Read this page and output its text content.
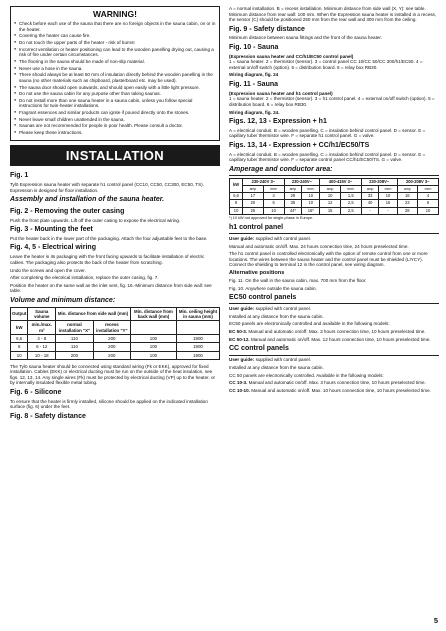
WARNING!
● Check before each use of the sauna that there are no foreign objects in the sauna cabin, on or in the heater.
● Covering the heater can cause fire.
● Do not touch the upper parts of the heater - risk of burns!
● Incorrect ventilation or heater positioning can lead to the wooden panelling drying out, causing a risk of fire under certain circumstances.
● The flooring in the sauna should be made of non-slip material.
● Never use a hose in the sauna.
● There should always be at least 50 mm of insulation directly behind the wooden panelling in the sauna (no other materials such as chipboard, plasterboard etc. may be used).
● The sauna door should open outwards, and should open easily with a little light pressure.
● Do not use the sauna cabin for any purpose other than taking saunas.
● Do not install more than one sauna heater in a sauna cabin, unless you follow special instructions for twin-heater installations.
● Fragrant essences and similar products can ignite if poured directly onto the stones.
● Never leave small children unattended in the sauna.
● Saunas are not recommended for people in poor health. Please consult a doctor.
● Please keep these instructions.
INSTALLATION
Fig. 1

Tylö Expression sauna heater with separate h1 control panel (CC10, CC50, CC300, EC50, TS). Expression is designed for floor installation.

Assembly and installation of the sauna heater.
Fig. 2 - Removing the outer casing

Push the front plate upwards. Lift off the outer casing to expose the electrical wiring.

Fig. 3 - Mounting the feet

Put the heater back in the lower part of the packaging. Attach the four adjustable feet to the base.

Fig. 4, 5 - Electrical wiring

Leave the heater in its packaging with the front facing upwards to facilitate installation of electric cables. The packaging also protects the back of the heater from scratching.

Undo the screws and open the cover.

After completing the electrical installation, replace the outer casing, fig. 7.

Position the heater on the same wall as the inlet vent, fig. 16.-Minimum distance from side wall: see table.

Volume and minimum distance:
Output	Sauna volume	Min. distance from side wall (mm)		Min. distance from back wall (mm)	Min. ceiling height in sauna (mm)
kW	min./max. m³	normal installation "X"	recess installation "Y"		
6,6	4 - 8	110	200	100	1900
8	6 - 12	110	200	100	1900
10	10 - 18	200	200	100	1900

The Tylö sauna heater should be connected using standard wiring (Fk or EKK), approved for fixed installation. Cables (EKK) or electrical ducting must be run on the outside of the heat insulation, see figs. 12, 13, 14. Any single wires (Fk) must be protected by electrical ducting (VP) up to the heater, or by internally insulated flexible metal tubing.

Fig. 6 - Silicone

To ensure that the heater is firmly installed, silicone should be applied on the indicated installation surface (fig. 6) under the feet.

Fig. 8 - Safety distance

A = normal installation. B = recess installation. Minimum distance from side wall (X, Y): see table. Minimum distance from rear wall: 100 mm. When the Expression sauna heater is installed in a recess, the sensor (C) should be positioned 250 mm from the rear wall and 300 mm from the ceiling.

Fig. 9 - Safety distance

Minimum distance between sauna fittings and the front of the sauna heater.

Fig. 10 - Sauna

(Expression sauna heater and CC/h1/EC50 control panel)

1 = sauna heater. 2 = thermistor (sensor). 3 = control panel CC 10/CC 50/CC 300/h1/EC50. 4 = external on/off switch (option). 5 = distribution board. 6 = relay box RB30.

Wiring diagram, fig. 24

Fig. 11 - Sauna

(Expression sauna heater and h1 control panel)

1 = sauna heater. 2 = thermistor (sensor). 3 = h1 control panel. 4 = external on/off switch (option). 5 = distribution board. 6 = relay box RB30.

Wiring diagram, fig. 24.

Figs. 12, 13 - Expression + h1

A = electrical conduit. B = wooden panelling. C = insulation behind control panel. D = sensor. E = capillary tube/ thermistor wire. F = separate h1 control panel. G = valve.

Figs. 13, 14 - Expression + CC/h1/EC50/TS

A = electrical conduit. B = wooden panelling. C = insulation behind control panel. D = sensor. E = capillary tube/ thermistor wire. F = separate control panel CC/h1/EC50/TS. G = valve.

Amperage and conductor area:
kW	230-240V 3~		230-240V~		400-415V 3~		230-208V~		200-208V 3~	
	amp	mm²	amp	mm²	amp	mm²	amp	mm²	amp	mm²
6,6	17	4	29	10	10	1,5	33	10	18	4
8	20	6	35	10	12	2,5	40	16	23	6
10	25	10	44*	16*	15	2,5	-	-	28	10

*) 10 kW not approved for single-phase in Europe.

h1 control panel

User guide: supplied with control panel.

Manual and automatic on/off. Max. 24 hours connection time, 24 hours preselected time.

The h1 control panel is controlled electronically with the option of remote control from one or more locations. The wires between the sauna heater and the control panel must be shielded (LIYCY). Connect the shielding to terminal 12 in the control panel, see wiring diagram.

Alternative positions

Fig. 11. On the wall in the sauna cabin, max. 700 mm from the floor.

Fig. 10. Anywhere outside the sauna cabin.

EC50 control panels

User guide: supplied with control panel.

Installed at any distance from the sauna cabin.

EC50 panels are electronically controlled and available in the following models:

EC 50-3. Manual and automatic on/off. Max. 3 hours connection time, 10 hours preselected time.

EC 50-12. Manual and automatic on/off. Max. 12 hours connection time, 10 hours preselected time.

CC control panels

User guide: supplied with control panel.

Installed at any distance from the sauna cabin.

CC 50 panels are electronically controlled. Available in the following models:

CC 10-3. Manual and automatic on/off. Max. 3 hours connection time, 10 hours preselected time.

CC 10-10. Manual and automatic on/off. Max. 10 hours connection time, 10 hours preselected time.

5
